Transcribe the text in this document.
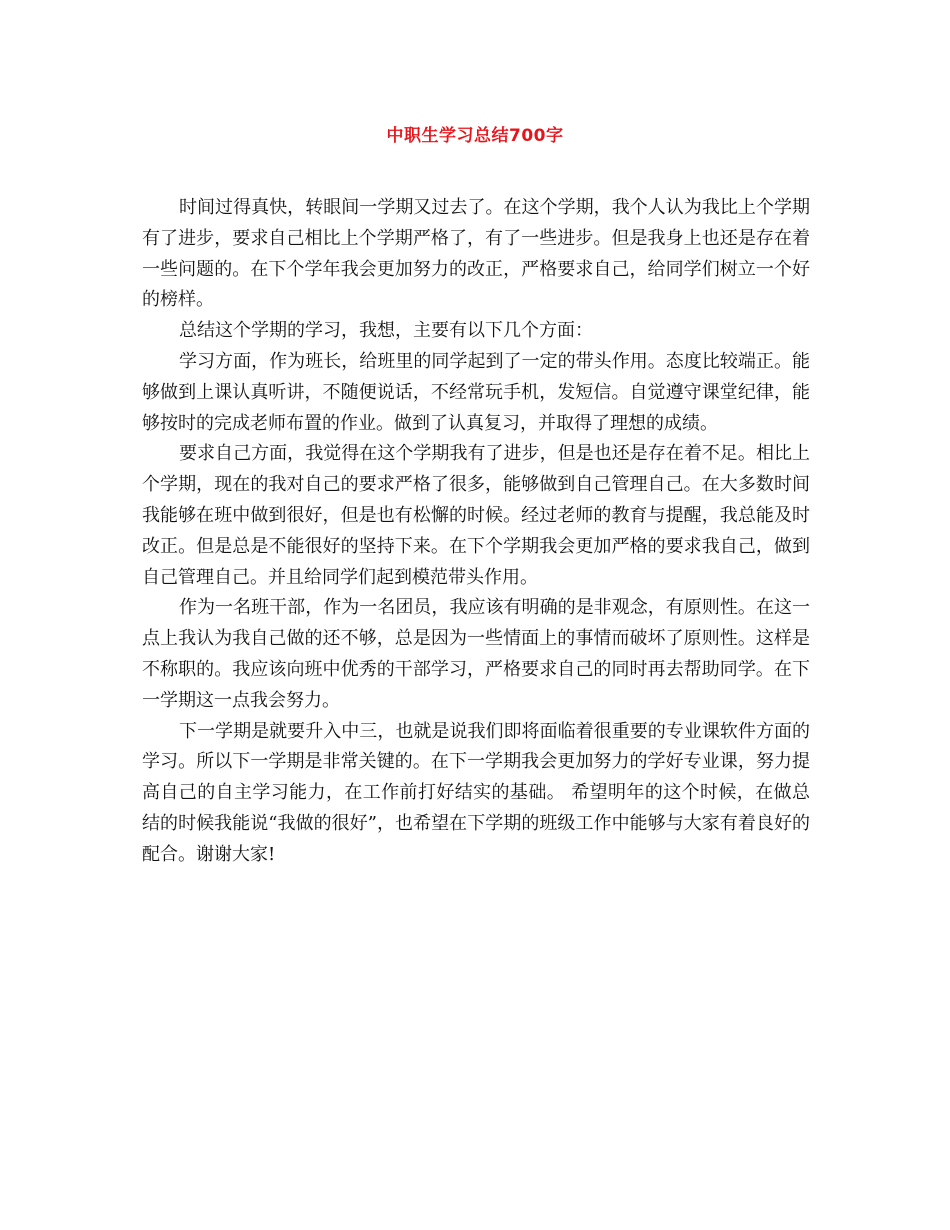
中职生学习总结700字

时间过得真快，转眼间一学期又过去了。在这个学期，我个人认为我比上个学期有了进步，要求自己相比上个学期严格了，有了一些进步。但是我身上也还是存在着一些问题的。在下个学年我会更加努力的改正，严格要求自己，给同学们树立一个好的榜样。

总结这个学期的学习，我想，主要有以下几个方面：

学习方面，作为班长，给班里的同学起到了一定的带头作用。态度比较端正。能够做到上课认真听讲，不随便说话，不经常玩手机，发短信。自觉遵守课堂纪律，能够按时的完成老师布置的作业。做到了认真复习，并取得了理想的成绩。

要求自己方面，我觉得在这个学期我有了进步，但是也还是存在着不足。相比上个学期，现在的我对自己的要求严格了很多，能够做到自己管理自己。在大多数时间我能够在班中做到很好，但是也有松懈的时候。经过老师的教育与提醒，我总能及时改正。但是总是不能很好的坚持下来。在下个学期我会更加严格的要求我自己，做到自己管理自己。并且给同学们起到模范带头作用。

作为一名班干部，作为一名团员，我应该有明确的是非观念，有原则性。在这一点上我认为我自己做的还不够，总是因为一些情面上的事情而破坏了原则性。这样是不称职的。我应该向班中优秀的干部学习，严格要求自己的同时再去帮助同学。在下一学期这一点我会努力。

下一学期是就要升入中三，也就是说我们即将面临着很重要的专业课软件方面的学习。所以下一学期是非常关键的。在下一学期我会更加努力的学好专业课，努力提高自己的自主学习能力，在工作前打好结实的基础。 希望明年的这个时候，在做总结的时候我能说“我做的很好”，也希望在下学期的班级工作中能够与大家有着良好的配合。谢谢大家!
